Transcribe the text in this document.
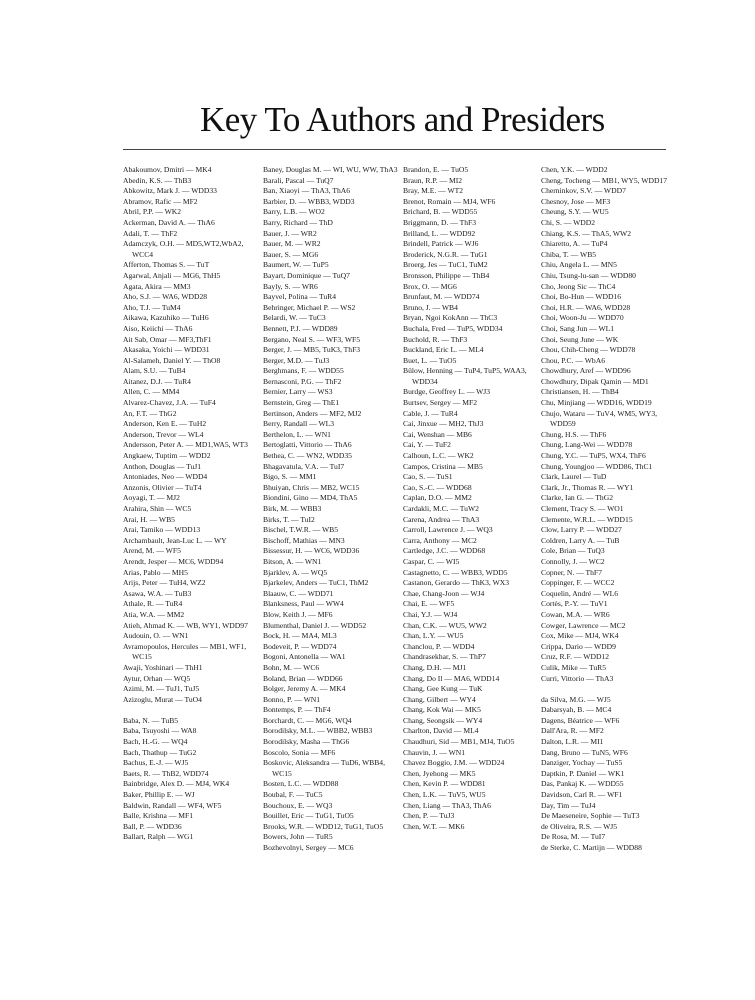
Key To Authors and Presiders
Abakoumov, Dmitri — MK4
Abedin, K.S. — ThB3
Abkowitz, Mark J. — WDD33
Abramov, Rafic — MF2
Abril, P.P. — WK2
Ackerman, David A. — ThA6
Adali, T. — ThF2
Adamczyk, O.H. — MD5,WT2,WbA2, WCC4
Afferton, Thomas S. — TuT
Agarwal, Anjali — MG6, ThH5
Agata, Akira — MM3
Aho, S.J. — WA6, WDD28
Aho, T.J. — TuM4
Aikawa, Kazuhiko — TuH6
Aiso, Keiichi — ThA6
Ait Sab, Omar — MF3,ThF1
Akasaka, Yoichi — WDD31
Al-Salameh, Daniel Y. — ThO8
Alam, S.U. — TuB4
Aitanez, D.J. — TuR4
Allen, C. — MM4
Alvarez-Chavez, J.A. — TuF4
An, F.T. — ThG2
Anderson, Ken E. — TuH2
Anderson, Trevor — WL4
Andersson, Peter A. — MD1,WA5, WT3
Angkaew, Tuptim — WDD2
Anthon, Douglas — TuJ1
Antoniades, Neo — WDD4
Anzonis, Olivier — TuT4
Aoyagi, T. — MJ2
Arahira, Shin — WC5
Arai, H. — WB5
Arai, Tamiko — WDD13
Archambault, Jean-Luc L. — WY
Arend, M. — WF5
Arendt, Jesper — MC6, WDD94
Arias, Pablo — MH5
Arijs, Peter — TuH4, WZ2
Asawa, W.A. — TuB3
Athale, R. — TuR4
Atia, W.A. — MM2
Atieh, Ahmad K. — WB, WY1, WDD97
Audouin, O. — WN1
Avramopoulos, Hercules — MB1, WF1, WC15
Awaji, Yoshinari — ThH1
Aytur, Orhan — WQ5
Azimi, M. — TuJ1, TuJ5
Azizoglu, Murat — TuO4
Baba, N. — TuB5
Baba, Tsuyoshi — WA8
Bach, H.-G. — WQ4
Bach, Thathup — TuG2
Bachus, E.-J. — WJ5
Baets, R. — ThB2, WDD74
Bainbridge, Alex D. — MJ4, WK4
Baker, Phillip E. — WJ
Baldwin, Randall — WF4, WF5
Balle, Krishna — MF1
Ball, P. — WDD36
Ballart, Ralph — WG1
Baney, Douglas M. — WI, WU, WW, ThA3
Barali, Pascal — TuQ7
Ban, Xiaoyi — ThA3, ThA6
Barbier, D. — WBB3, WDD3
Barry, L.B. — WO2
Barry, Richard — ThD
Bauer, J. — WR2
Bauer, M. — WR2
Bauer, S. — MG6
Baumert, W. — TuP5
Bayart, Dominique — TuQ7
Bayly, S. — WR6
Bayvel, Polina — TuR4
Behringer, Michael P. — WS2
Belardi, W. — TuC3
Bennett, P.J. — WDD89
Bergano, Neal S. — WF3, WF5
Berger, J. — MB5, TuK3, ThF3
Berger, M.D. — TuJ3
Berghmans, F. — WDD55
Bernasconi, P.G. — ThF2
Bernier, Larry — WS3
Bernstein, Greg — ThE1
Bertinson, Anders — MF2, MJ2
Berry, Randall — WL3
Berthelon, L. — WN1
Bertoglatti, Vittorio — ThA6
Bethea, C. — WN2, WDD35
Bhagavatula, V.A. — TuI7
Bigo, S. — MM1
Bhuiyan, Chris — MB2, WC15
Biondini, Gino — MD4, ThA5
Birk, M. — WBB3
Birks, T. — TuI2
Bischel, T.W.R. — WB5
Bischoff, Mathias — MN3
Bissessur, H. — WC6, WDD36
Bitson, A. — WN1
Bjarklev, A. — WQ5
Bjarkelev, Anders — TuC1, ThM2
Blaauw, C. — WDD71
Blanksness, Paul — WW4
Blow, Keith J. — MF6
Blumenthal, Daniel J. — WDD52
Bock, H. — MA4, ML3
Bodeveit, P. — WDD74
Bogoni, Antonella — WA1
Bohn, M. — WC6
Boland, Brian — WDD66
Bolger, Jeremy A. — MK4
Bonno, P. — WN1
Bontemps, P. — ThF4
Borchardt, C. — MG6, WQ4
Borodilsky, M.L. — WBB2, WBB3
Borodilsky, Masha — ThG6
Boscolo, Sonia — MF6
Boskovic, Aleksandra — TuD6, WBB4, WC15
Bosten, L.C. — WDD88
Boubal, F. — TuC5
Bouchoux, E. — WQ3
Bouillet, Eric — TuG1, TuO5
Brooks, W.R. — WDD12, TuG1, TuO5
Bowers, John — TuR5
Bozhevolnyi, Sergey — MC6
Brandon, E. — TuO5
Braun, R.P. — MI2
Bray, M.E. — WT2
Brenot, Romain — MJ4, WF6
Brichard, B. — WDD55
Briggmann, D. — ThF3
Brilland, L. — WDD92
Brindell, Patrick — WJ6
Broderick, N.G.R. — TuG1
Broerg, Jes — TuC1, TuM2
Bronsson, Philippe — ThB4
Brox, O. — MG6
Brunfaut, M. — WDD74
Bruno, J. — WB4
Bryan, Ngoi KokAnn — ThC3
Buchala, Fred — TuP5, WDD34
Buchold, R. — ThF3
Buckland, Eric L. — ML4
Buet, L. — TuO5
Bülow, Henning — TuP4, TuP5, WAA3, WDD34
Burdge, Geoffrey L. — WJ3
Burtsev, Sergey — MF2
Cable, J. — TuR4
Cai, Jinxue — MH2, ThJ3
Cai, Wenshan — MB6
Cai, Y. — TuF2
Calhoun, L.C. — WK2
Campos, Cristina — MB5
Cao, S. — TuS1
Cao, S.-C. — WDD68
Caplan, D.O. — MM2
Cardakli, M.C. — TuW2
Carena, Andrea — ThA3
Carroll, Lawrence J. — WQ3
Carra, Anthony — MC2
Cartledge, J.C. — WDD68
Caspar, C. — WI5
Castagnetto, C. — WBB3, WDD5
Castanon, Gerardo — ThK3, WX3
Chae, Chang-Joon — WJ4
Chai, E. — WF5
Chai, Y.J. — WJ4
Chan, C.K. — WU5, WW2
Chan, L.Y. — WU5
Chanclou, P. — WDD4
Chandrasekhar, S. — ThP7
Chang, D.H. — MJ1
Chang, Do Il — MA6, WDD14
Chang, Gee Kung — TuK
Chang, Gilbert — WY4
Chang, Kok Wai — MK5
Chang, Seongsik — WY4
Charlton, David — ML4
Chaudhuri, Sid — MB1, MJ4, TuO5
Chauvin, J. — WN1
Chavez Boggio, J.M. — WDD24
Chen, Jyehong — MK5
Chen, Kevin P. — WDD81
Chen, L.K. — TuV5, WU5
Chen, Liang — ThA3, ThA6
Chen, P. — TuJ3
Chen, W.T. — MK6
Chen, Y.K. — WDD2
Cheng, Tocheng — MB1, WY5, WDD17
Cherninkov, S.V. — WDD7
Chesnoy, Jose — MF3
Cheung, S.Y. — WU5
Chi, S. — WDD2
Chiang, K.S. — ThA5, WW2
Chiaretto, A. — TuP4
Chiba, T. — WB5
Chiu, Angela L. — MN5
Chiu, Tsung-lu-san — WDD80
Cho, Jeong Sic — ThC4
Choi, Bo-Hun — WDD16
Choi, H.R. — WA6, WDD28
Choi, Woon-Ju — WDD70
Choi, Sang Jun — WL1
Choi, Seung June — WK
Chou, Chih-Cheng — WDD78
Chou, P.C. — WbA6
Chowdhury, Aref — WDD96
Chowdhury, Dipak Qamin — MD1
Christiansen, H. — ThB4
Chu, Minjiang — WDD16, WDD19
Chujo, Wataru — TuV4, WM5, WY3, WDD59
Chung, H.S. — ThF6
Chung, Lang-Wei — WDD78
Chung, Y.C. — TuP5, WX4, ThF6
Chung, Youngjoo — WDD86, ThC1
Clark, Laurel — TuD
Clark, Jr., Thomas R. — WY1
Clarke, Ian G. — ThG2
Clement, Tracy S. — WO1
Clemente, W.R.L. — WDD15
Clow, Larry P. — WDD27
Coldren, Larry A. — TuB
Cole, Brian — TuQ3
Connolly, J. — WC2
Copner, N. — ThF7
Coppinger, F. — WCC2
Coquelin, André — WL6
Cortès, P.-Y. — TuV1
Cowan, M.A. — WR6
Cowger, Lawrence — MC2
Cox, Mike — MJ4, WK4
Crippa, Dario — WDD9
Cruz, R.F. — WDD12
Culik, Mike — TuR5
Curri, Vittorio — ThA3
da Silva, M.G. — WJ5
Dabarsyah, B. — MC4
Dagens, Béatrice — WF6
Dall'Ara, R. — MF2
Dalton, L.R. — MI1
Dang, Bruno — TuN5, WF6
Danziger, Yochay — TuS5
Daptkin, P. Daniel — WK1
Das, Pankaj K. — WDD55
Davidson, Carl R. — WF1
Day, Tim — TuJ4
De Maeseneire, Sophie — TuT3
de Oliveira, R.S. — WJ5
De Rosa, M. — TuI7
de Sterke, C. Martijn — WDD88
